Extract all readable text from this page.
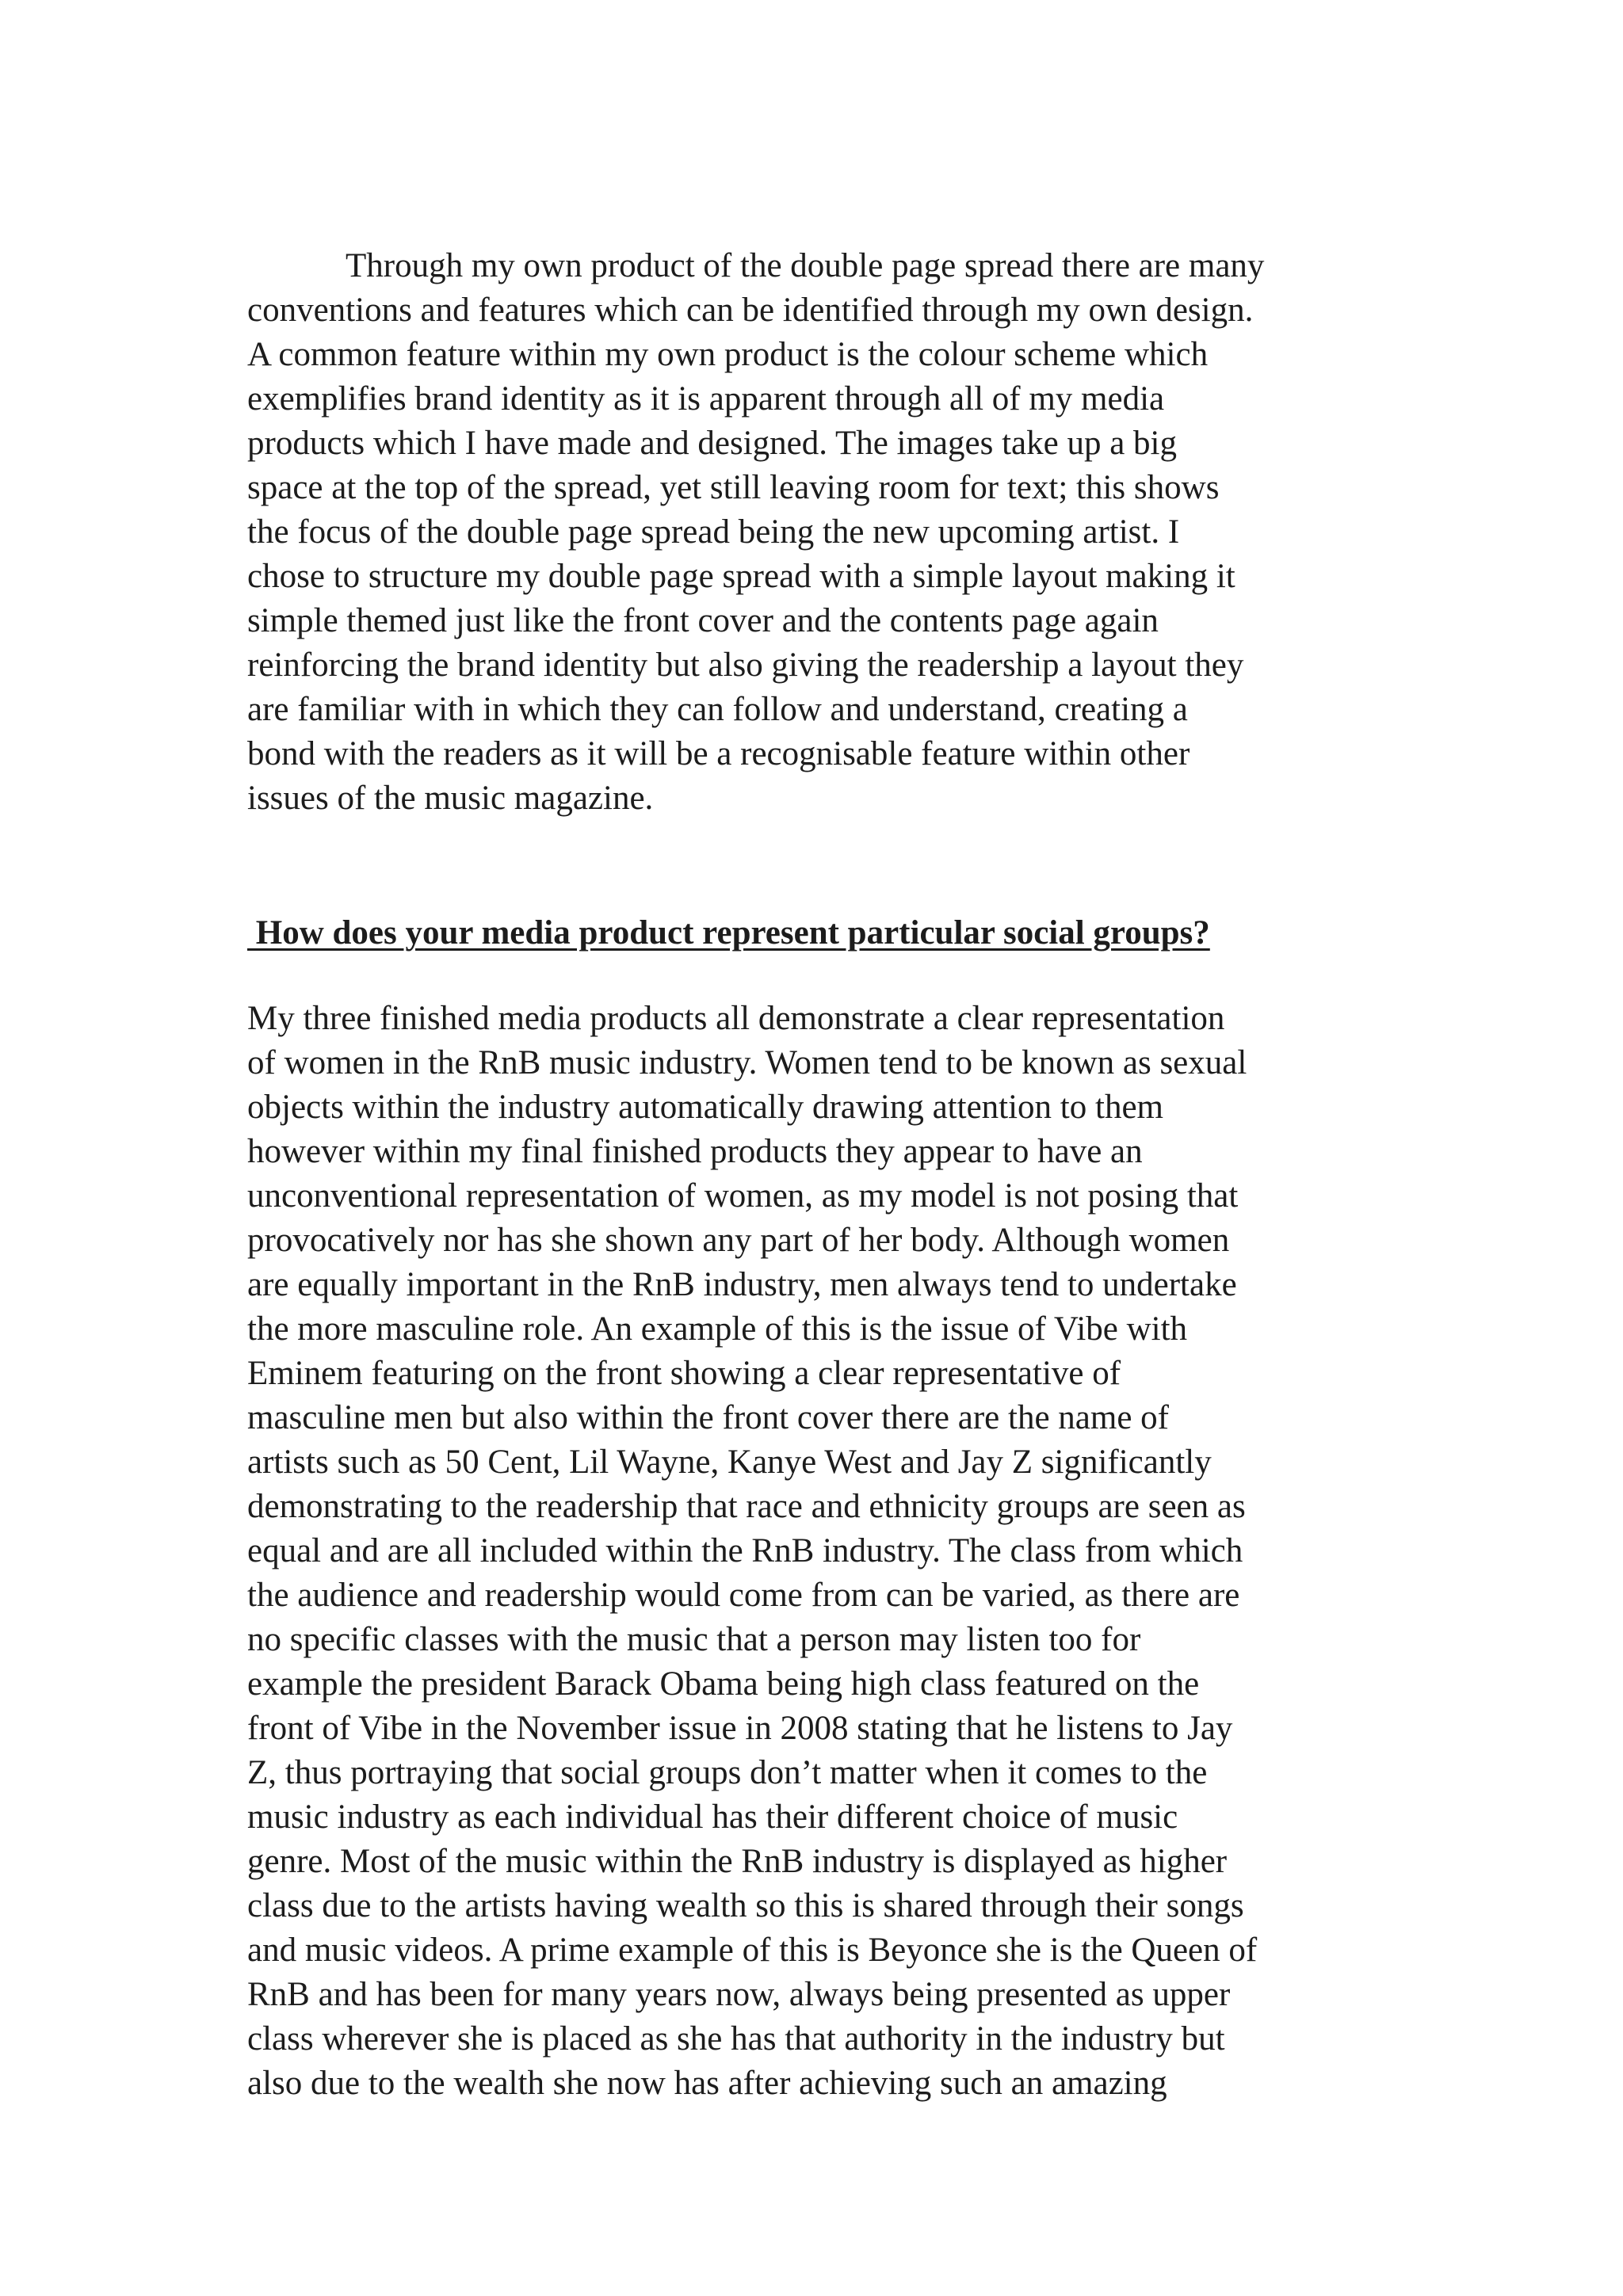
Through my own product of the double page spread there are many

conventions and features which can be identified through my own design.

A common feature within my own product is the colour scheme which

exemplifies brand identity as it is apparent through all of my media

products which I have made and designed. The images take up a big

space at the top of the spread, yet still leaving room for text; this shows

the focus of the double page spread being the new upcoming artist. I

chose to structure my double page spread with a simple layout making it

simple themed just like the front cover and the contents page again

reinforcing the brand identity but also giving the readership a layout they

are familiar with in which they can follow and understand, creating a

bond with the readers as it will be a recognisable feature within other

issues of the music magazine.

How does your media product represent particular social groups?

My three finished media products all demonstrate a clear representation

of women in the RnB music industry. Women tend to be known as sexual

objects within the industry automatically drawing attention to them

however within my final finished products they appear to have an

unconventional representation of women, as my model is not posing that

provocatively nor has she shown any part of her body. Although women

are equally important in the RnB industry, men always tend to undertake

the more masculine role. An example of this is the issue of Vibe with

Eminem featuring on the front showing a clear representative of

masculine men but also within the front cover there are the name of

artists such as 50 Cent, Lil Wayne, Kanye West and Jay Z significantly

demonstrating to the readership that race and ethnicity groups are seen as

equal and are all included within the RnB industry. The class from which

the audience and readership would come from can be varied, as there are

no specific classes with the music that a person may listen too for

example the president Barack Obama being high class featured on the

front of Vibe in the November issue in 2008 stating that he listens to Jay

Z, thus portraying that social groups don’t matter when it comes to the

music industry as each individual has their different choice of music

genre. Most of the music within the RnB industry is displayed as higher

class due to the artists having wealth so this is shared through their songs

and music videos. A prime example of this is Beyonce she is the Queen of

RnB and has been for many years now, always being presented as upper

class wherever she is placed as she has that authority in the industry but

also due to the wealth she now has after achieving such an amazing
